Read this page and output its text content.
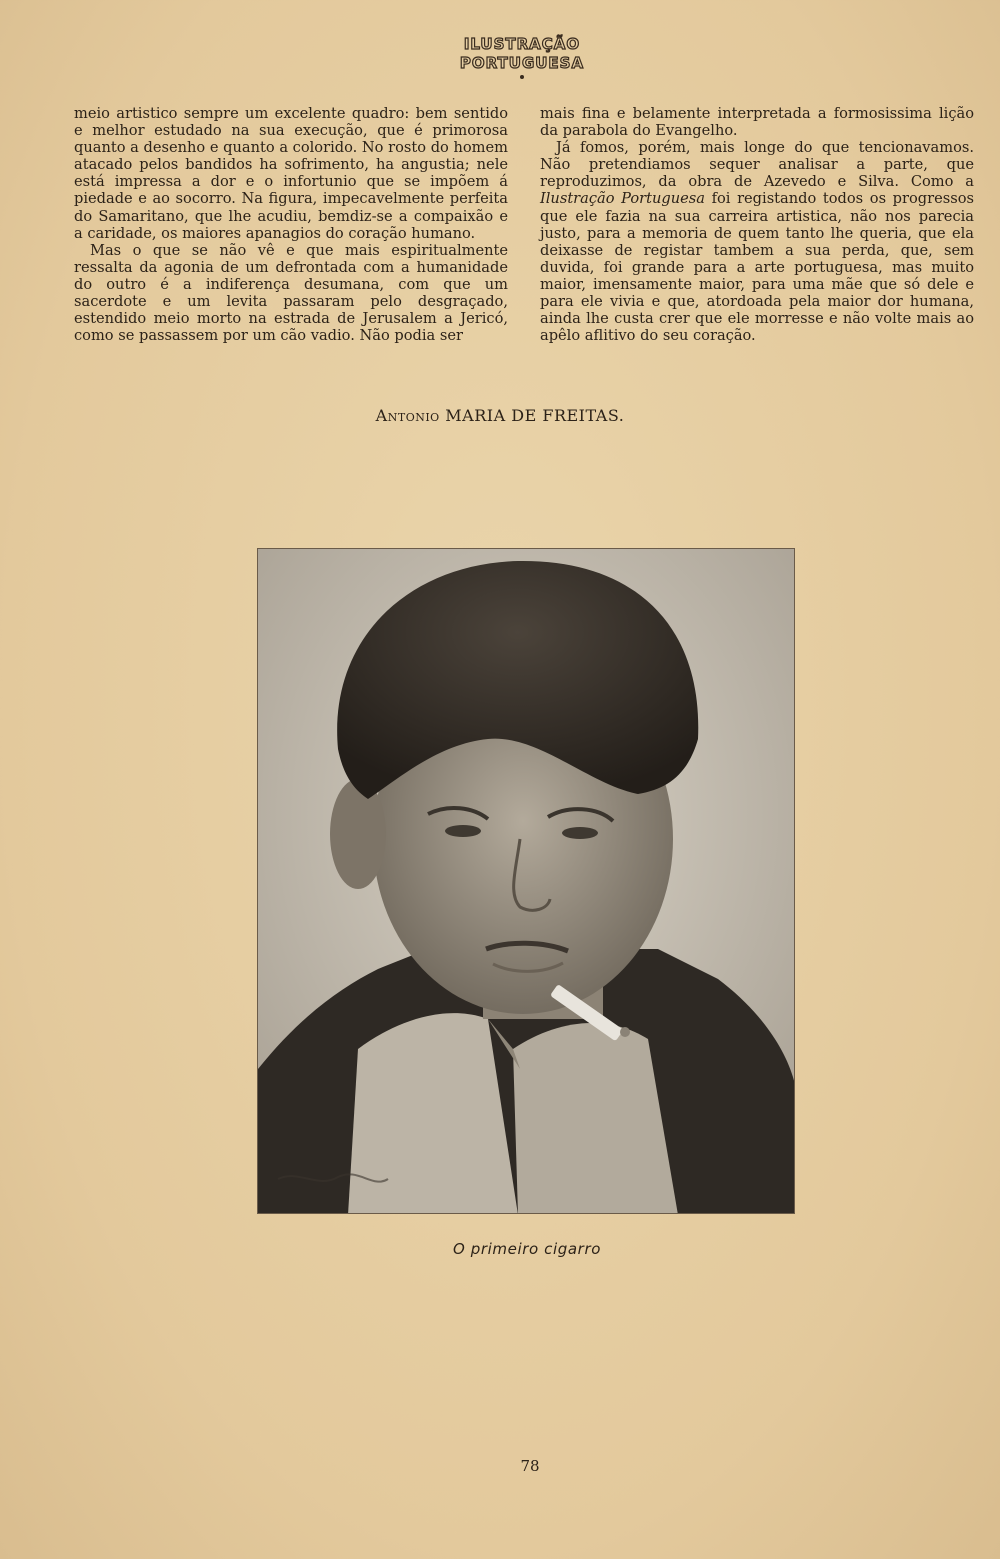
ILUSTRAÇÃO
PORTUGUESA

meio artistico sempre um excelente quadro: bem sentido e melhor estudado na sua execução, que é primorosa quanto a desenho e quanto a colorido. No rosto do homem atacado pelos bandidos ha sofrimento, ha angustia; nele está impressa a dor e o infortunio que se impõem á piedade e ao socorro. Na figura, impecavelmente perfeita do Samaritano, que lhe acudiu, bemdiz-se a compaixão e a caridade, os maiores apanagios do coração humano.

Mas o que se não vê e que mais espiritualmente ressalta da agonia de um defrontada com a humanidade do outro é a indiferença desumana, com que um sacerdote e um levita passaram pelo desgraçado, estendido meio morto na estrada de Jerusalem a Jericó, como se passassem por um cão vadio. Não podia ser

mais fina e belamente interpretada a formosissima lição da parabola do Evangelho.

Já fomos, porém, mais longe do que tencionavamos. Não pretendiamos sequer analisar a parte, que reproduzimos, da obra de Azevedo e Silva. Como a Ilustração Portuguesa foi registando todos os progressos que ele fazia na sua carreira artistica, não nos parecia justo, para a memoria de quem tanto lhe queria, que ela deixasse de registar tambem a sua perda, que, sem duvida, foi grande para a arte portuguesa, mas muito maior, imensamente maior, para uma mãe que só dele e para ele vivia e que, atordoada pela maior dor humana, ainda lhe custa crer que ele morresse e não volte mais ao apêlo aflitivo do seu coração.

Antonio MARIA DE FREITAS.
O primeiro cigarro
78
